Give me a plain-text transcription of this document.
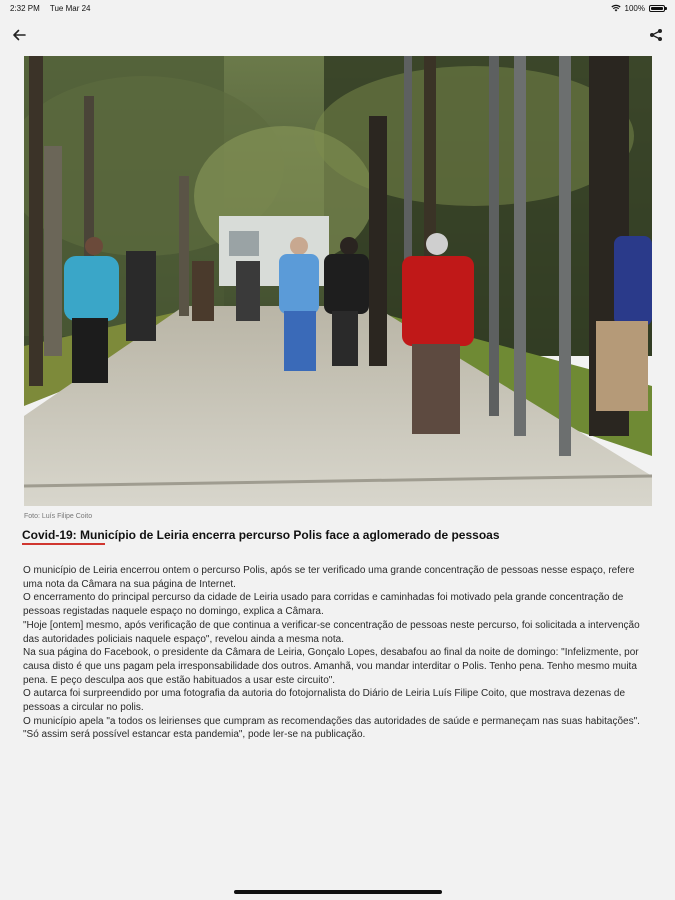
2:32 PM Tue Mar 24	100%
Foto: Luís Filipe Coito
Covid-19: Município de Leiria encerra percurso Polis face a aglomerado de pessoas

O município de Leiria encerrou ontem o percurso Polis, após se ter verificado uma grande concentração de pessoas nesse espaço, refere uma nota da Câmara na sua página de Internet.

O encerramento do principal percurso da cidade de Leiria usado para corridas e caminhadas foi motivado pela grande concentração de pessoas registadas naquele espaço no domingo, explica a Câmara.

"Hoje [ontem] mesmo, após verificação de que continua a verificar-se concentração de pessoas neste percurso, foi solicitada a intervenção das autoridades policiais naquele espaço", revelou ainda a mesma nota.

Na sua página do Facebook, o presidente da Câmara de Leiria, Gonçalo Lopes, desabafou ao final da noite de domingo: "Infelizmente, por causa disto é que uns pagam pela irresponsabilidade dos outros. Amanhã, vou mandar interditar o Polis. Tenho pena. Tenho mesmo muita pena. E peço desculpa aos que estão habituados a usar este circuito".

O autarca foi surpreendido por uma fotografia da autoria do fotojornalista do Diário de Leiria Luís Filipe Coito, que mostrava dezenas de pessoas a circular no polis.

O município apela "a todos os leirienses que cumpram as recomendações das autoridades de saúde e permaneçam nas suas habitações". "Só assim será possível estancar esta pandemia", pode ler-se na publicação.
